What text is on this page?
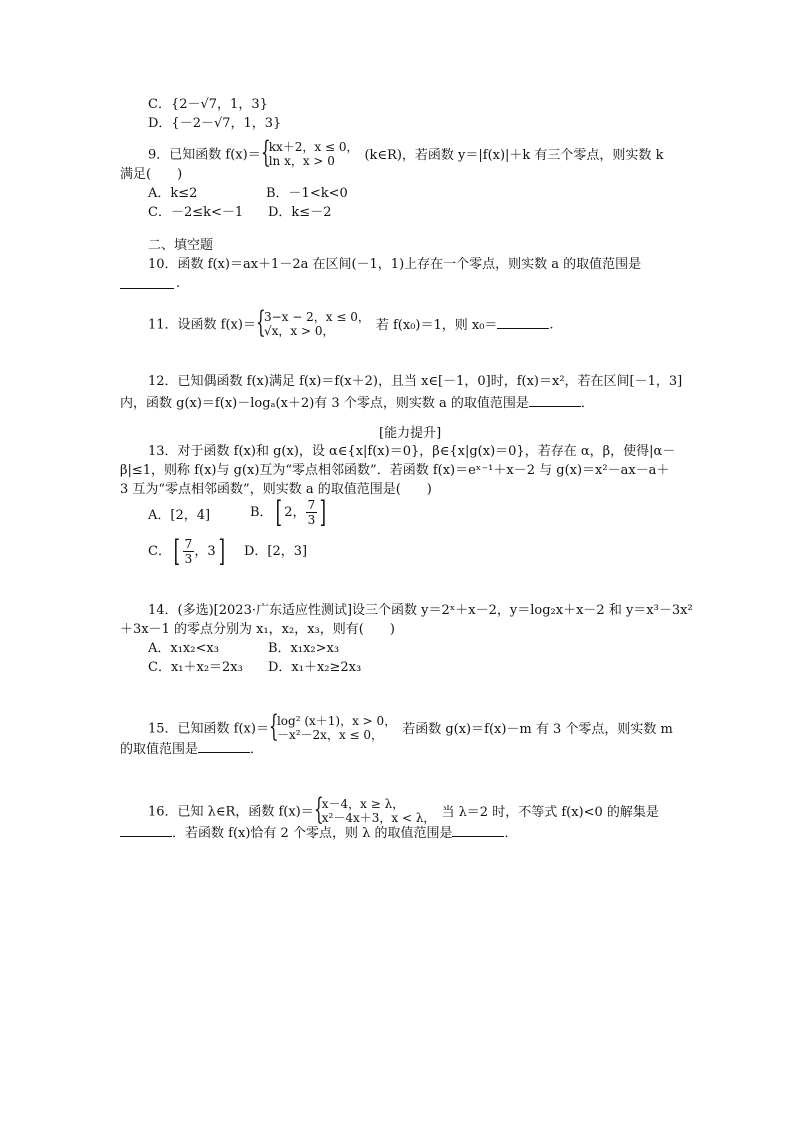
C．{2－√7，1，3}
D．{－2－√7，1，3}
9．已知函数 f(x)＝ {
kx＋2，x ≤ 0，
ln x，x > 0	(k∈R)，若函数 y＝|f(x)|＋k 有三个零点，则实数 k
满足(　　)
A．k≤2	B．－1<k<0
C．－2≤k<－1 D．k≤－2
二、填空题
10．函数 f(x)＝ax＋1－2a 在区间(－1，1)上存在一个零点，则实数 a 的取值范围是
.
11．设函数 f(x)＝ {
3−x − 2，x ≤ 0，
√x，x > 0，	若 f(x₀)＝1，则 x₀＝	.
12．已知偶函数 f(x)满足 f(x)＝f(x＋2)，且当 x∈[－1，0]时，f(x)＝x²，若在区间[－1，3]
内，函数 g(x)＝f(x)－logₐ(x＋2)有 3 个零点，则实数 a 的取值范围是	．
[能力提升]
13．对于函数 f(x)和 g(x)，设 α∈{x|f(x)＝0}，β∈{x|g(x)＝0}，若存在 α，β，使得|α－
β|≤1，则称 f(x)与 g(x)互为“零点相邻函数”．若函数 f(x)＝eˣ⁻¹＋x－2 与 g(x)＝x²－ax－a＋
3 互为“零点相邻函数”，则实数 a 的取值范围是(　　)
A．[2，4]	B．[ 2， $\frac{7}{3}$ ]
C．[ $\frac{7}{3}$ ，3] D．[2，3]
14．(多选)[2023·广东适应性测试]设三个函数 y＝2ˣ＋x－2，y＝log₂x＋x－2 和 y＝x³－3x²
＋3x－1 的零点分别为 x₁，x₂，x₃，则有(　　)
A．x₁x₂<x₃	B．x₁x₂>x₃
C．x₁＋x₂＝2x₃ D．x₁＋x₂≥2x₃
15．已知函数 f(x)＝ {
log² (x＋1)，x > 0，
－x²－2x，x ≤ 0，	若函数 g(x)＝f(x)－m 有 3 个零点，则实数 m
的取值范围是	．
16．已知 λ∈R，函数 f(x)＝ {
x－4，x ≥ λ，
x²－4x＋3，x < λ， 当 λ＝2 时，不等式 f(x)<0 的解集是
．若函数 f(x)恰有 2 个零点，则 λ 的取值范围是	．
